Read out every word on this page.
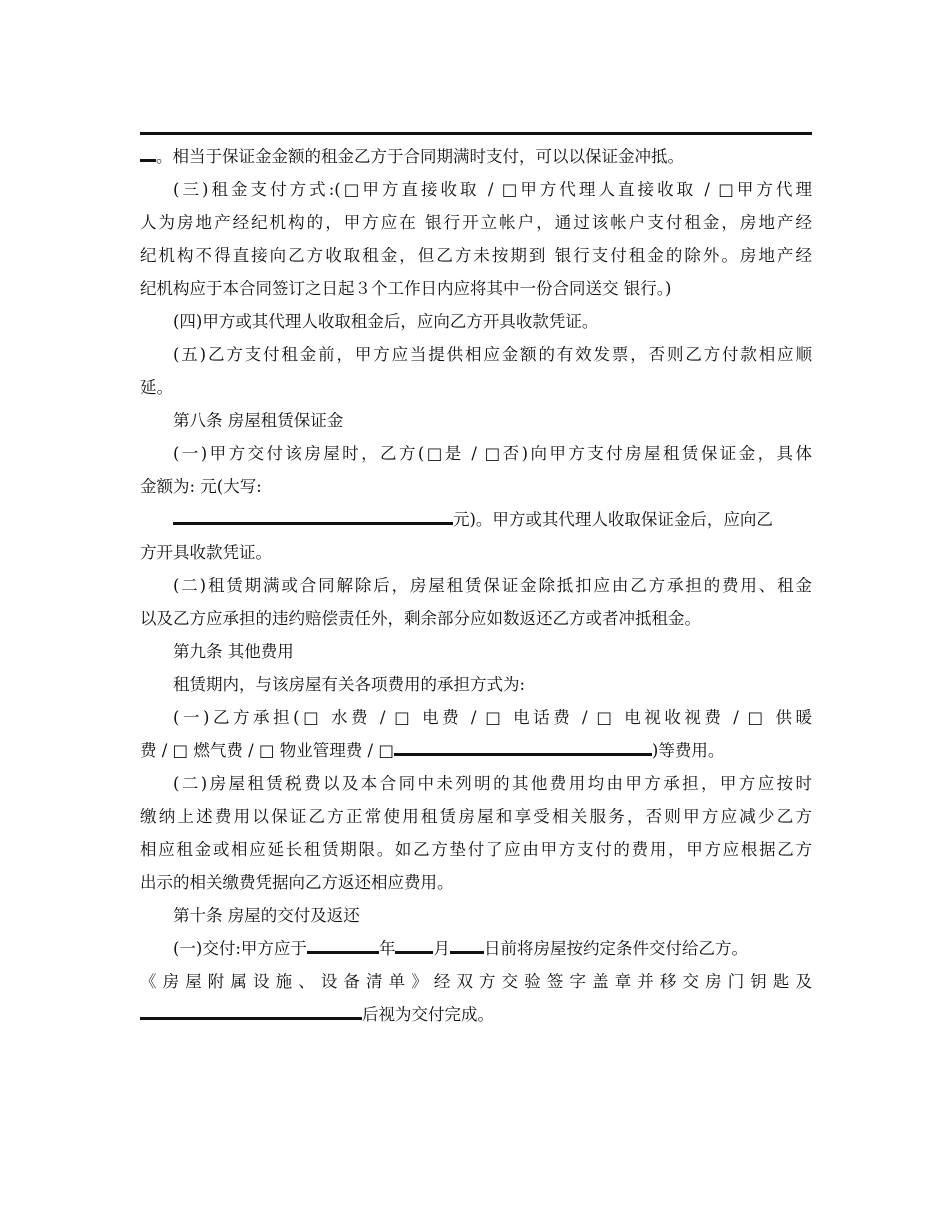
。相当于保证金金额的租金乙方于合同期满时支付，可以以保证金冲抵。
(三)租金支付方式:(□甲方直接收取 / □甲方代理人直接收取 / □甲方代理
人为房地产经纪机构的，甲方应在 银行开立帐户，通过该帐户支付租金，房地产经
纪机构不得直接向乙方收取租金，但乙方未按期到 银行支付租金的除外。房地产经
纪机构应于本合同签订之日起３个工作日内应将其中一份合同送交 银行。)
(四)甲方或其代理人收取租金后，应向乙方开具收款凭证。
(五)乙方支付租金前，甲方应当提供相应金额的有效发票，否则乙方付款相应顺
延。
第八条 房屋租赁保证金
(一)甲方交付该房屋时，乙方(□是 / □否)向甲方支付房屋租赁保证金，具体
金额为: 元(大写:
元)。甲方或其代理人收取保证金后，应向乙
方开具收款凭证。
(二)租赁期满或合同解除后，房屋租赁保证金除抵扣应由乙方承担的费用、租金
以及乙方应承担的违约赔偿责任外，剩余部分应如数返还乙方或者冲抵租金。
第九条 其他费用
租赁期内，与该房屋有关各项费用的承担方式为:
(一)乙方承担(□ 水费 / □ 电费 / □ 电话费 / □ 电视收视费 / □ 供暖
费 / □ 燃气费 / □ 物业管理费 / □	)等费用。
(二)房屋租赁税费以及本合同中未列明的其他费用均由甲方承担，甲方应按时
缴纳上述费用以保证乙方正常使用租赁房屋和享受相关服务，否则甲方应减少乙方
相应租金或相应延长租赁期限。如乙方垫付了应由甲方支付的费用，甲方应根据乙方
出示的相关缴费凭据向乙方返还相应费用。
第十条 房屋的交付及返还
(一)交付:甲方应于	年 月 日前将房屋按约定条件交付给乙方。
《房屋附属设施、设备清单》经双方交验签字盖章并移交房门钥匙及
后视为交付完成。
